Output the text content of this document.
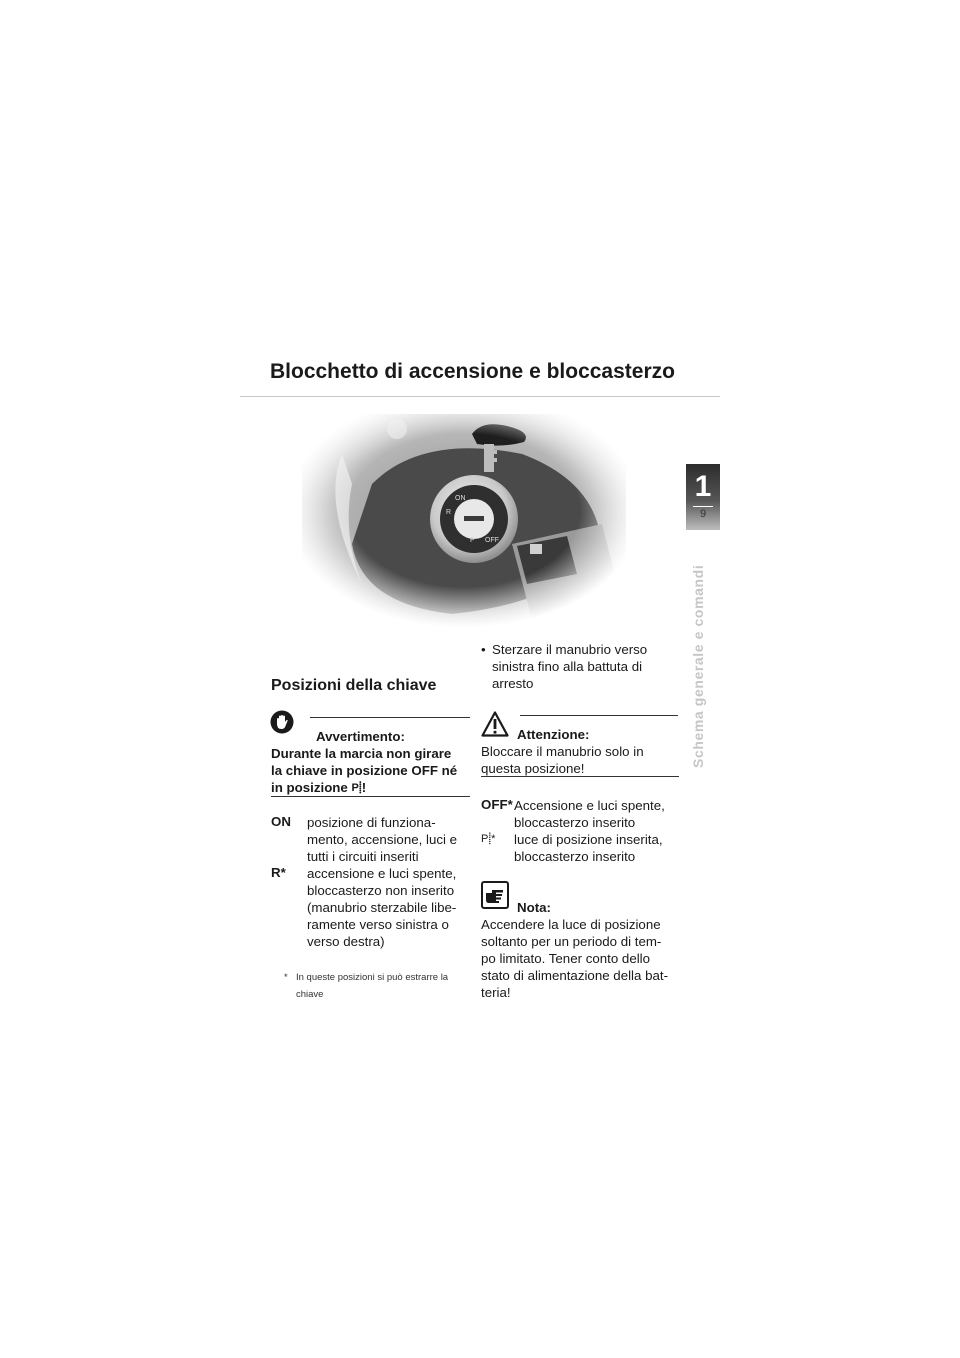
Blocchetto di accensione e bloccasterzo
1
9
Schema generale e comandi
Posizioni della chiave
Avvertimento:
Durante la marcia non girare
la chiave in posizione OFF né
in posizione P⸽!
ON posizione di funziona-
mento, accensione, luci e
tutti i circuiti inseriti
R* accensione e luci spente,
bloccasterzo non inserito
(manubrio sterzabile libe-
ramente verso sinistra o
verso destra)
* In queste posizioni si può estrarre la
chiave
• Sterzare il manubrio verso
sinistra fino alla battuta di
arresto
Attenzione:
Bloccare il manubrio solo in
questa posizione!
OFF* Accensione e luci spente,
bloccasterzo inserito
P⸽* luce di posizione inserita,
bloccasterzo inserito
Nota:
Accendere la luce di posizione
soltanto per un periodo di tem-
po limitato. Tener conto dello
stato di alimentazione della bat-
teria!
